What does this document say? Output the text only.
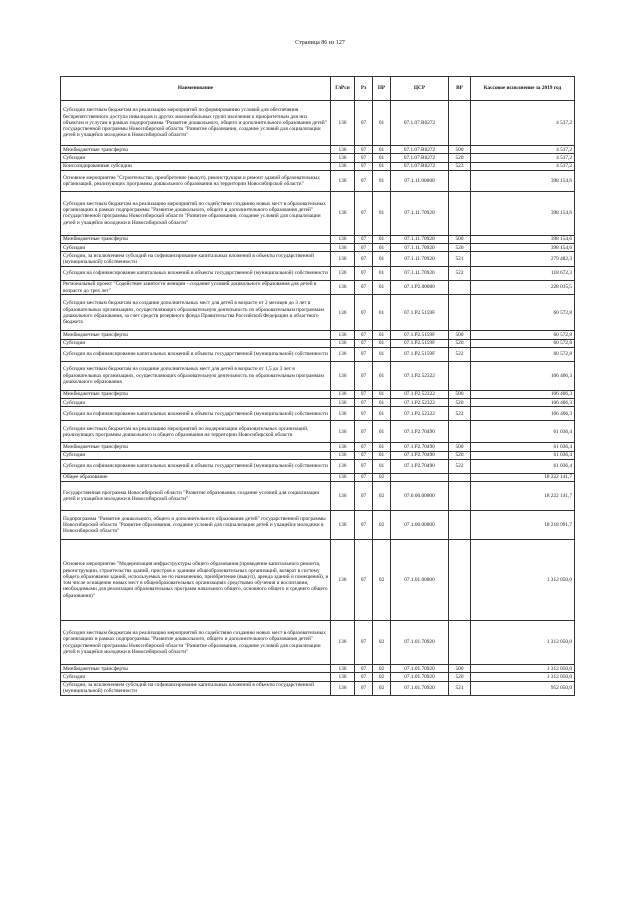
Страница 86 из 127
Наименование	ГлРсп	Рз	ПР	ЦСР	ВР	Кассовое исполнение за 2019 год
Субсидии местным бюджетам на реализацию мероприятий по формированию условий для обеспечения беспрепятственного доступа инвалидов и других маломобильных групп населения к приоритетным для них объектам и услугам в рамках подпрограммы "Развитие дошкольного, общего и дополнительного образования детей" государственной программы Новосибирской области "Развитие образования, создание условий для социализации детей и учащейся молодежи в Новосибирской области"	136	07	01	07.1.07.R0272		4 537,2
Межбюджетные трансферты	136	07	01	07.1.07.R0272	500	4 537,2
Субсидии	136	07	01	07.1.07.R0272	520	4 537,2
Консолидированные субсидии	136	07	01	07.1.07.R0272	523	4 537,2
Основное мероприятие "Строительство, приобретение (выкуп), реконструкция и ремонт зданий образовательных организаций, реализующих программы дошкольного образования на территории Новосибирской области"	136	07	01	07.1.11.00000		398 154,6
Субсидии местным бюджетам на реализацию мероприятий по содействию созданию новых мест в образовательных организациях в рамках подпрограммы "Развитие дошкольного, общего и дополнительного образования детей" государственной программы Новосибирской области "Развитие образования, создание условий для социализации детей и учащейся молодежи в Новосибирской области"	136	07	01	07.1.11.70920		398 154,6
Межбюджетные трансферты	136	07	01	07.1.11.70920	500	398 154,6
Субсидии	136	07	01	07.1.11.70920	520	398 154,6
Субсидии, за исключением субсидий на софинансирование капитальных вложений в объекты государственной (муниципальной) собственности	136	07	01	07.1.11.70920	521	279 482,3
Субсидии на софинансирование капитальных вложений в объекты государственной (муниципальной) собственности	136	07	01	07.1.11.70920	522	118 672,3
Региональный проект "Содействие занятости женщин - создание условий дошкольного образования для детей в возрасте до трех лет"	136	07	01	07.1.P2.00000		228 015,5
Субсидии местным бюджетам на создание дополнительных мест для детей в возрасте от 2 месяцев до 3 лет в образовательных организациях, осуществляющих образовательную деятельность по образовательным программам дошкольного образования, за счет средств резервного фонда Правительства Российской Федерации и областного бюджета	136	07	01	07.1.P2.5159F		60 572,8
Межбюджетные трансферты	136	07	01	07.1.P2.5159F	500	60 572,8
Субсидии	136	07	01	07.1.P2.5159F	520	60 572,8
Субсидии на софинансирование капитальных вложений в объекты государственной (муниципальной) собственности	136	07	01	07.1.P2.5159F	522	60 572,8
Субсидии местным бюджетам на создание дополнительных мест для детей в возрасте от 1,5 до 3 лет в образовательных организациях, осуществляющих образовательную деятельность по образовательным программам дошкольного образования	136	07	01	07.1.P2.52322		106 406,3
Межбюджетные трансферты	136	07	01	07.1.P2.52322	500	106 406,3
Субсидии	136	07	01	07.1.P2.52322	520	106 406,3
Субсидии на софинансирование капитальных вложений в объекты государственной (муниципальной) собственности	136	07	01	07.1.P2.52322	522	106 406,3
Субсидии местным бюджетам на реализацию мероприятий по модернизации образовательных организаций, реализующих программы дошкольного и общего образования на территории Новосибирской области	136	07	01	07.1.P2.70490		61 036,4
Межбюджетные трансферты	136	07	01	07.1.P2.70490	500	61 036,4
Субсидии	136	07	01	07.1.P2.70490	520	61 036,4
Субсидии на софинансирование капитальных вложений в объекты государственной (муниципальной) собственности	136	07	01	07.1.P2.70490	522	61 036,4
Общее образование	136	07	02			18 222 141,7
Государственная программа Новосибирской области "Развитие образования, создание условий для социализации детей и учащейся молодежи в Новосибирской области"	136	07	02	07.0.00.00000		18 222 141,7
Подпрограмма "Развитие дошкольного, общего и дополнительного образования детей" государственной программы Новосибирской области "Развитие образования, создание условий для социализации детей и учащейся молодежи в Новосибирской области"	136	07	02	07.1.00.00000		18 218 991,7
Основное мероприятие "Модернизация инфраструктуры общего образования (проведение капитального ремонта, реконструкции, строительства зданий, пристроя к зданиям общеобразовательных организаций, возврат в систему общего образования зданий, используемых не по назначению, приобретение (выкуп), аренда зданий и помещений), в том числе оснащение новых мест в общеобразовательных организациях средствами обучения и воспитания, необходимыми для реализации образовательных программ начального общего, основного общего и среднего общего образования)"	136	07	02	07.1.01.00000		1 312 050,0
Субсидии местным бюджетам на реализацию мероприятий по содействию созданию новых мест в образовательных организациях в рамках подпрограммы "Развитие дошкольного, общего и дополнительного образования детей" государственной программы Новосибирской области "Развитие образования, создание условий для социализации детей и учащейся молодежи в Новосибирской области"	136	07	02	07.1.01.70920		1 312 050,0
Межбюджетные трансферты	136	07	02	07.1.01.70920	500	1 312 050,0
Субсидии	136	07	02	07.1.01.70920	520	1 312 050,0
Субсидии, за исключением субсидий на софинансирование капитальных вложений в объекты государственной (муниципальной) собственности	136	07	02	07.1.01.70920	521	952 050,0
